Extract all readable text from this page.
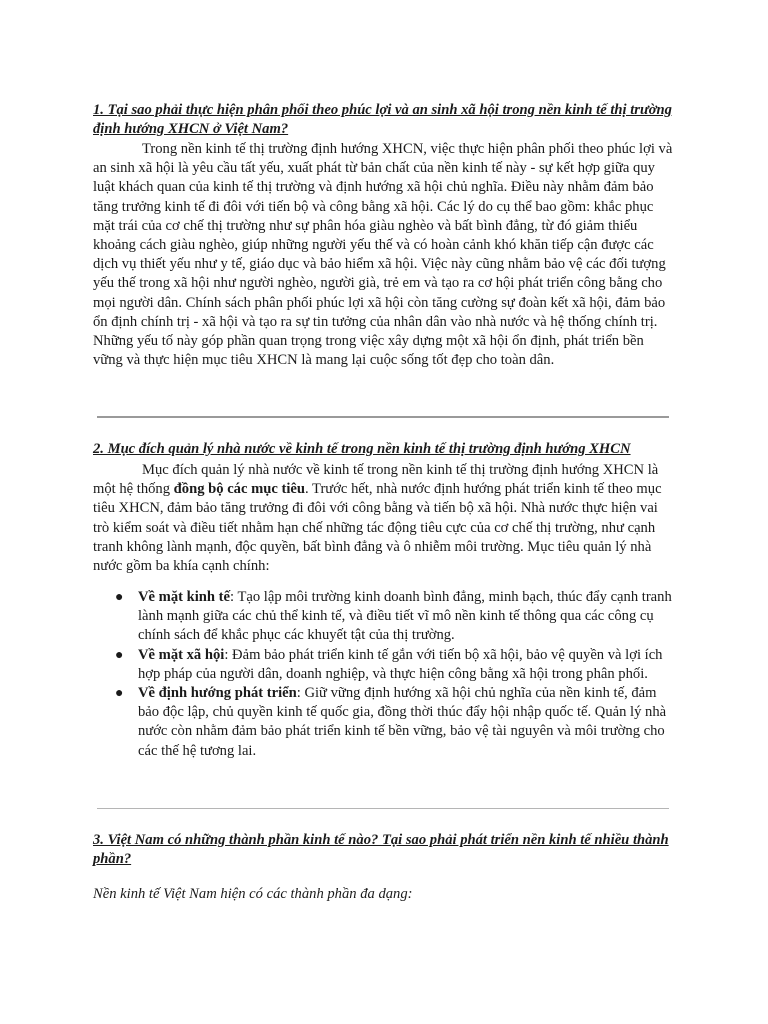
1. Tại sao phải thực hiện phân phối theo phúc lợi và an sinh xã hội trong nền kinh tế thị trường định hướng XHCN ở Việt Nam?

Trong nền kinh tế thị trường định hướng XHCN, việc thực hiện phân phối theo phúc lợi và an sinh xã hội là yêu cầu tất yếu, xuất phát từ bản chất của nền kinh tế này - sự kết hợp giữa quy luật khách quan của kinh tế thị trường và định hướng xã hội chủ nghĩa. Điều này nhằm đảm bảo tăng trưởng kinh tế đi đôi với tiến bộ và công bằng xã hội. Các lý do cụ thể bao gồm: khắc phục mặt trái của cơ chế thị trường như sự phân hóa giàu nghèo và bất bình đẳng, từ đó giảm thiểu khoảng cách giàu nghèo, giúp những người yếu thế và có hoàn cảnh khó khăn tiếp cận được các dịch vụ thiết yếu như y tế, giáo dục và bảo hiểm xã hội. Việc này cũng nhằm bảo vệ các đối tượng yếu thế trong xã hội như người nghèo, người già, trẻ em và tạo ra cơ hội phát triển công bằng cho mọi người dân. Chính sách phân phối phúc lợi xã hội còn tăng cường sự đoàn kết xã hội, đảm bảo ổn định chính trị - xã hội và tạo ra sự tin tưởng của nhân dân vào nhà nước và hệ thống chính trị. Những yếu tố này góp phần quan trọng trong việc xây dựng một xã hội ổn định, phát triển bền vững và thực hiện mục tiêu XHCN là mang lại cuộc sống tốt đẹp cho toàn dân.

2. Mục đích quản lý nhà nước về kinh tế trong nền kinh tế thị trường định hướng XHCN

Mục đích quản lý nhà nước về kinh tế trong nền kinh tế thị trường định hướng XHCN là một hệ thống đồng bộ các mục tiêu. Trước hết, nhà nước định hướng phát triển kinh tế theo mục tiêu XHCN, đảm bảo tăng trưởng đi đôi với công bằng và tiến bộ xã hội. Nhà nước thực hiện vai trò kiểm soát và điều tiết nhằm hạn chế những tác động tiêu cực của cơ chế thị trường, như cạnh tranh không lành mạnh, độc quyền, bất bình đẳng và ô nhiễm môi trường. Mục tiêu quản lý nhà nước gồm ba khía cạnh chính:

● Về mặt kinh tế: Tạo lập môi trường kinh doanh bình đẳng, minh bạch, thúc đẩy cạnh tranh lành mạnh giữa các chủ thể kinh tế, và điều tiết vĩ mô nền kinh tế thông qua các công cụ chính sách để khắc phục các khuyết tật của thị trường.
● Về mặt xã hội: Đảm bảo phát triển kinh tế gắn với tiến bộ xã hội, bảo vệ quyền và lợi ích hợp pháp của người dân, doanh nghiệp, và thực hiện công bằng xã hội trong phân phối.
● Về định hướng phát triển: Giữ vững định hướng xã hội chủ nghĩa của nền kinh tế, đảm bảo độc lập, chủ quyền kinh tế quốc gia, đồng thời thúc đẩy hội nhập quốc tế. Quản lý nhà nước còn nhằm đảm bảo phát triển kinh tế bền vững, bảo vệ tài nguyên và môi trường cho các thế hệ tương lai.

3. Việt Nam có những thành phần kinh tế nào? Tại sao phải phát triển nền kinh tế nhiều thành phần?

Nền kinh tế Việt Nam hiện có các thành phần đa dạng:
